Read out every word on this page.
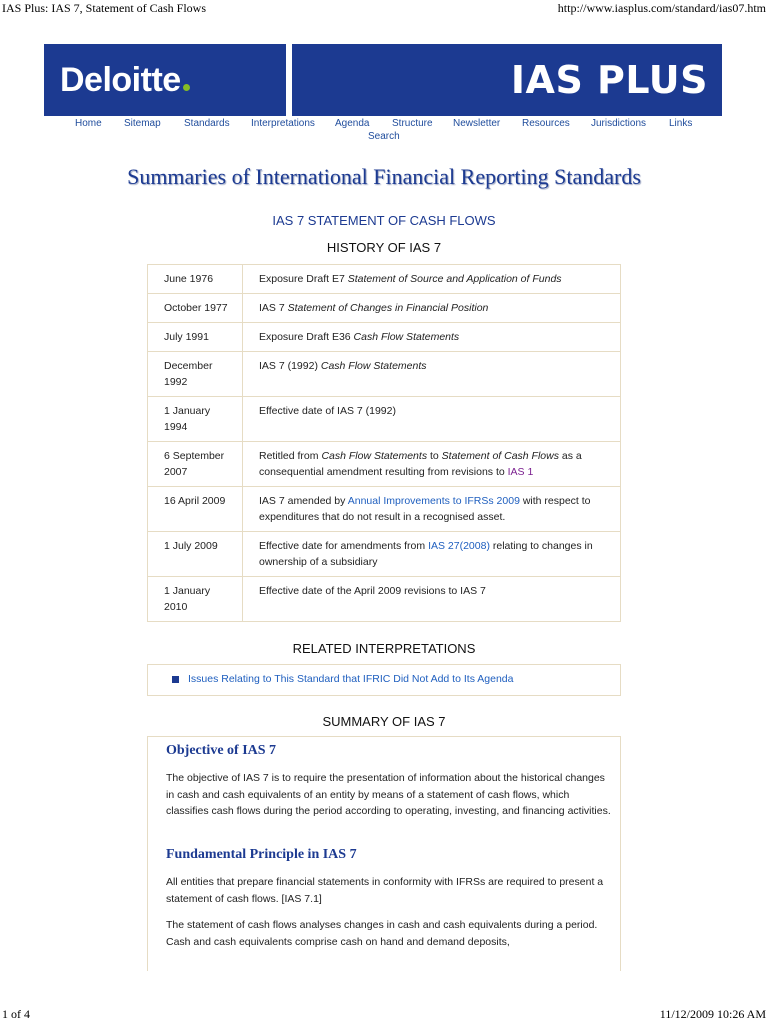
IAS Plus: IAS 7, Statement of Cash Flows	http://www.iasplus.com/standard/ias07.htm
Deloitte	IAS PLUS
Home Sitemap Standards Interpretations Agenda Structure Newsletter Resources Jurisdictions Links
Search
Summaries of International Financial Reporting Standards
IAS 7 STATEMENT OF CASH FLOWS
HISTORY OF IAS 7
June 1976	Exposure Draft E7 Statement of Source and Application of Funds
October 1977	IAS 7 Statement of Changes in Financial Position
July 1991	Exposure Draft E36 Cash Flow Statements
December 1992	IAS 7 (1992) Cash Flow Statements
1 January 1994	Effective date of IAS 7 (1992)
6 September 2007	Retitled from Cash Flow Statements to Statement of Cash Flows as a consequential amendment resulting from revisions to IAS 1
16 April 2009	IAS 7 amended by Annual Improvements to IFRSs 2009 with respect to expenditures that do not result in a recognised asset.
1 July 2009	Effective date for amendments from IAS 27(2008) relating to changes in ownership of a subsidiary
1 January 2010	Effective date of the April 2009 revisions to IAS 7
RELATED INTERPRETATIONS
Issues Relating to This Standard that IFRIC Did Not Add to Its Agenda
SUMMARY OF IAS 7
Objective of IAS 7

The objective of IAS 7 is to require the presentation of information about the historical changes in cash and cash equivalents of an entity by means of a statement of cash flows, which classifies cash flows during the period according to operating, investing, and financing activities.

Fundamental Principle in IAS 7

All entities that prepare financial statements in conformity with IFRSs are required to present a statement of cash flows. [IAS 7.1]

The statement of cash flows analyses changes in cash and cash equivalents during a period. Cash and cash equivalents comprise cash on hand and demand deposits,

1 of 4	11/12/2009 10:26 AM
